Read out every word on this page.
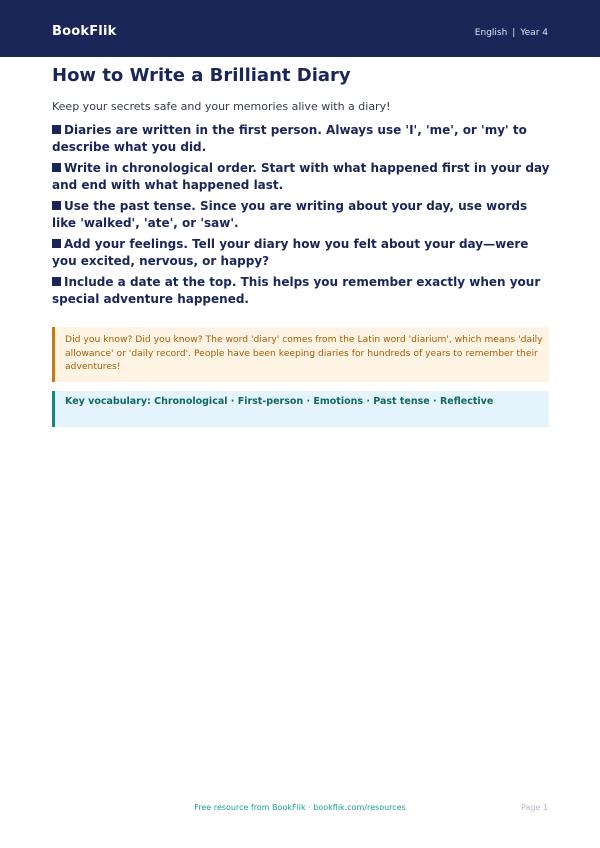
BookFlik	English | Year 4
How to Write a Brilliant Diary

Keep your secrets safe and your memories alive with a diary!

Diaries are written in the first person. Always use 'I', 'me', or 'my' to describe what you did.
Write in chronological order. Start with what happened first in your day and end with what happened last.
Use the past tense. Since you are writing about your day, use words like 'walked', 'ate', or 'saw'.
Add your feelings. Tell your diary how you felt about your day—were you excited, nervous, or happy?
Include a date at the top. This helps you remember exactly when your special adventure happened.
Did you know? Did you know? The word 'diary' comes from the Latin word 'diarium', which means 'daily allowance' or 'daily record'. People have been keeping diaries for hundreds of years to remember their adventures!
Key vocabulary: Chronological · First-person · Emotions · Past tense · Reflective
Free resource from BookFlik · bookflik.com/resources	Page 1
